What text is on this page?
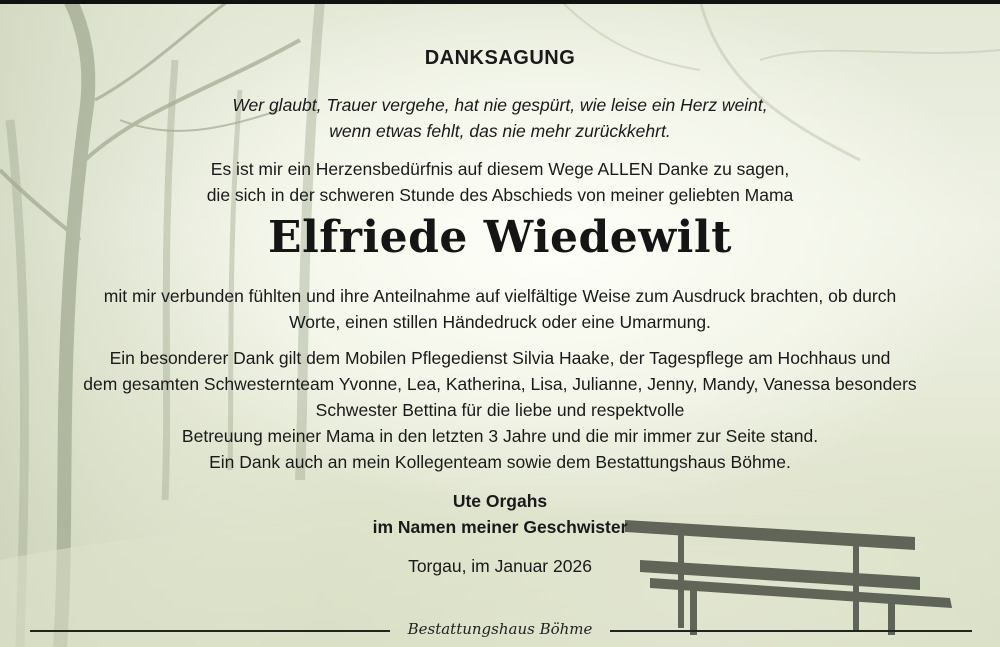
DANKSAGUNG
Wer glaubt, Trauer vergehe, hat nie gespürt, wie leise ein Herz weint,
wenn etwas fehlt, das nie mehr zurückkehrt.
Es ist mir ein Herzensbedürfnis auf diesem Wege ALLEN Danke zu sagen,
die sich in der schweren Stunde des Abschieds von meiner geliebten Mama
Elfriede Wiedewilt
mit mir verbunden fühlten und ihre Anteilnahme auf vielfältige Weise zum Ausdruck brachten, ob durch
Worte, einen stillen Händedruck oder eine Umarmung.
Ein besonderer Dank gilt dem Mobilen Pflegedienst Silvia Haake, der Tagespflege am Hochhaus und
dem gesamten Schwesternteam Yvonne, Lea, Katherina, Lisa, Julianne, Jenny, Mandy, Vanessa besonders
Schwester Bettina für die liebe und respektvolle
Betreuung meiner Mama in den letzten 3 Jahre und die mir immer zur Seite stand.
Ein Dank auch an mein Kollegenteam sowie dem Bestattungshaus Böhme.
Ute Orgahs
im Namen meiner Geschwister
Torgau, im Januar 2026
Bestattungshaus Böhme
